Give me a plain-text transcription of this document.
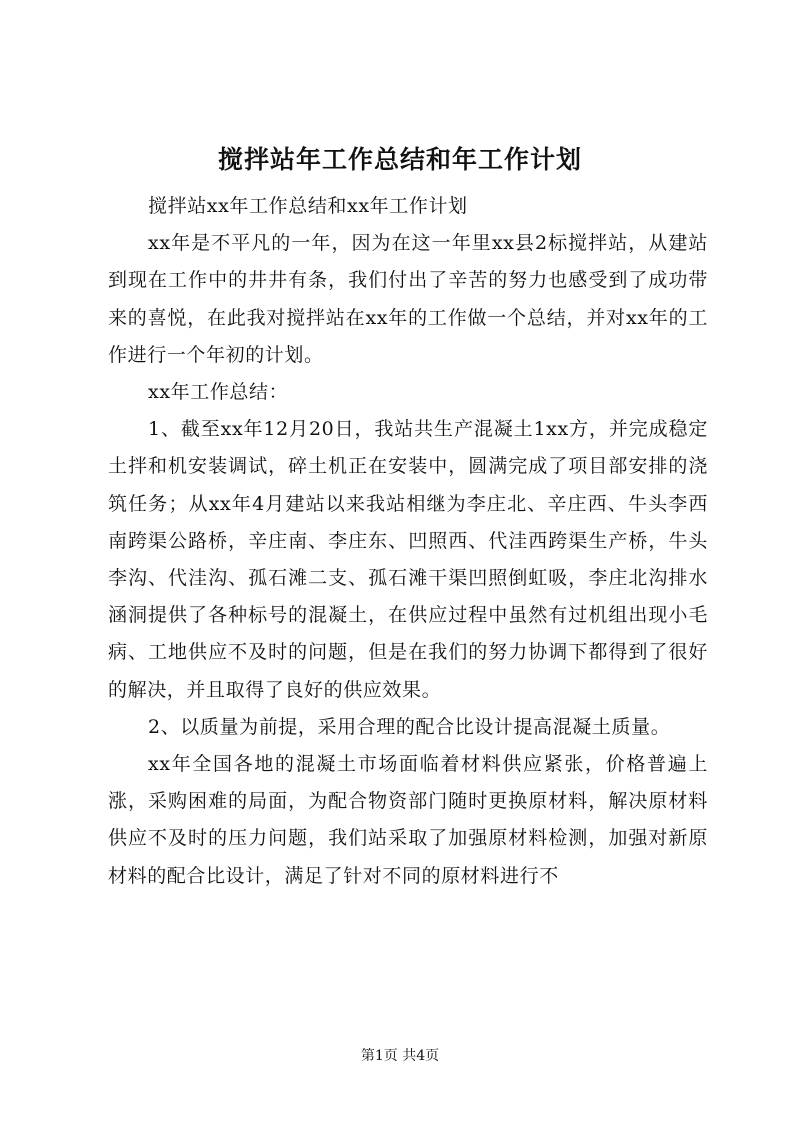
搅拌站年工作总结和年工作计划

搅拌站xx年工作总结和xx年工作计划

xx年是不平凡的一年，因为在这一年里xx县2标搅拌站，从建站到现在工作中的井井有条，我们付出了辛苦的努力也感受到了成功带来的喜悦，在此我对搅拌站在xx年的工作做一个总结，并对xx年的工作进行一个年初的计划。

xx年工作总结：

1、截至xx年12月20日，我站共生产混凝土1xx方，并完成稳定土拌和机安装调试，碎土机正在安装中，圆满完成了项目部安排的浇筑任务；从xx年4月建站以来我站相继为李庄北、辛庄西、牛头李西南跨渠公路桥，辛庄南、李庄东、凹照西、代洼西跨渠生产桥，牛头李沟、代洼沟、孤石滩二支、孤石滩干渠凹照倒虹吸，李庄北沟排水涵洞提供了各种标号的混凝土，在供应过程中虽然有过机组出现小毛病、工地供应不及时的问题，但是在我们的努力协调下都得到了很好的解决，并且取得了良好的供应效果。

2、以质量为前提，采用合理的配合比设计提高混凝土质量。

xx年全国各地的混凝土市场面临着材料供应紧张，价格普遍上涨，采购困难的局面，为配合物资部门随时更换原材料，解决原材料供应不及时的压力问题，我们站采取了加强原材料检测，加强对新原材料的配合比设计，满足了针对不同的原材料进行不

第1页 共4页
